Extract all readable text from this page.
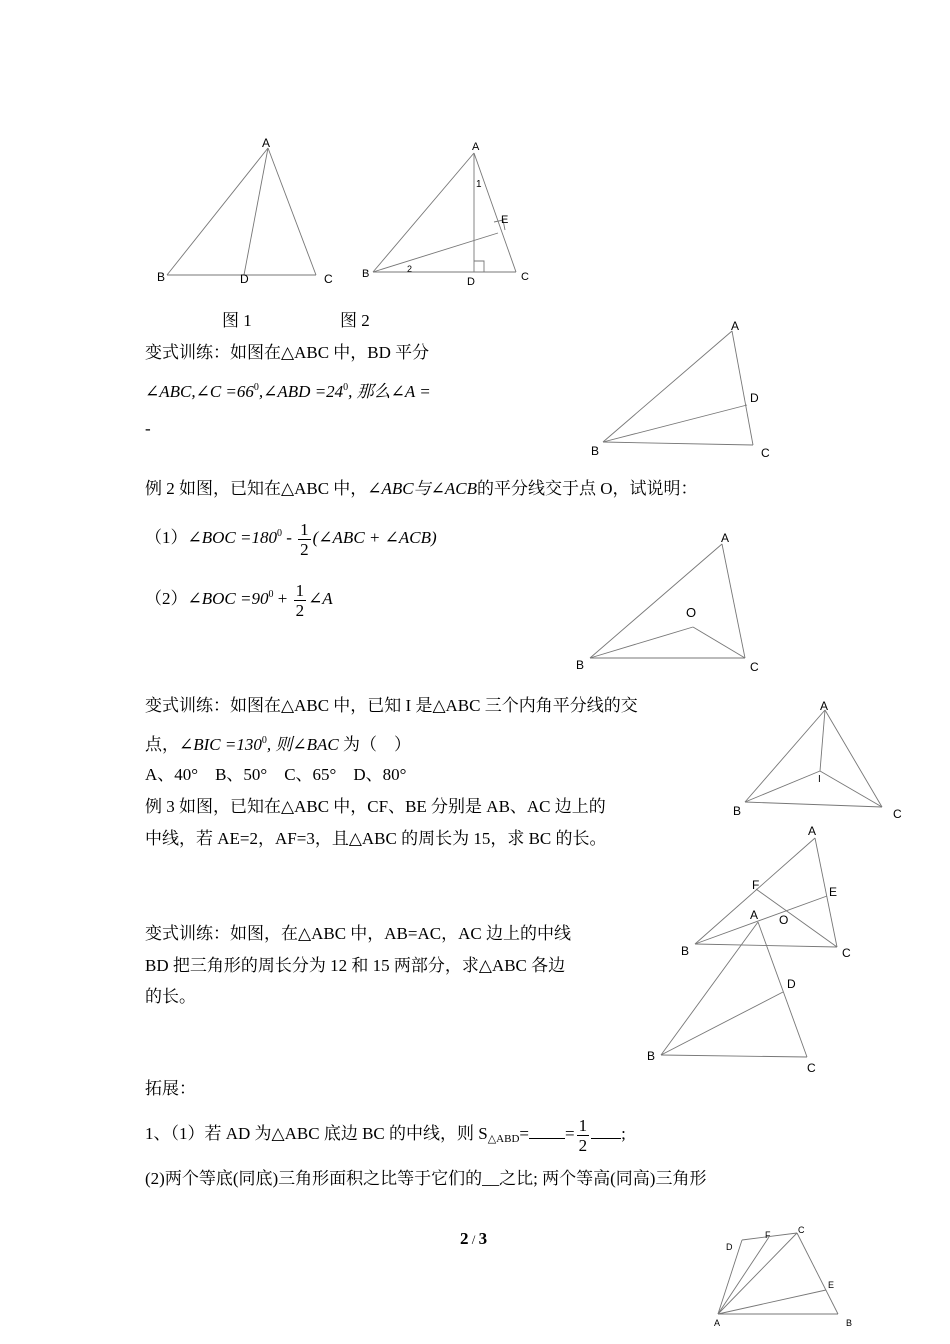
A
B	C
D
A
B	C
D
E
1
2
图 1	图 2
变式训练：如图在△ABC 中，BD 平分
∠ABC,∠C $=66^0,\angle ABD =24^0$, 那么∠A =
-
A
B	C
D
例 2 如图，已知在△ABC 中，∠ABC与∠ACB的平分线交于点 O，试说明：
（1）∠BOC $=180^0 - \frac{1}{2}$ (∠ABC + ∠ACB)
（2）∠BOC $=90^0 + \frac{1}{2}$ ∠A
A
B	C
O
变式训练：如图在△ABC 中，已知 I 是△ABC 三个内角平分线的交
点，∠BIC $=130^0$, 则∠BAC 为（　）
A、40°　B、50°　C、65°　D、80°
A
B	C
I
例 3 如图，已知在△ABC 中，CF、BE 分别是 AB、AC 边上的
中线，若 AE=2，AF=3，且△ABC 的周长为 15，求 BC 的长。	A
B	C
E
F
O
变式训练：如图，在△ABC 中，AB=AC，AC 边上的中线
BD 把三角形的周长分为 12 和 15 两部分，求△ABC 各边
的长。
A
B
C
D
拓展：
1、（1）若 AD 为△ABC 底边 BC 的中线，则 $S_{\triangle ABD}= = \frac{1}{2}$ ;
(2)两个等底(同底)三角形面积之比等于它们的__之比; 两个等高(同高)三角形
A	B
C
D
E
F
2 / 3
